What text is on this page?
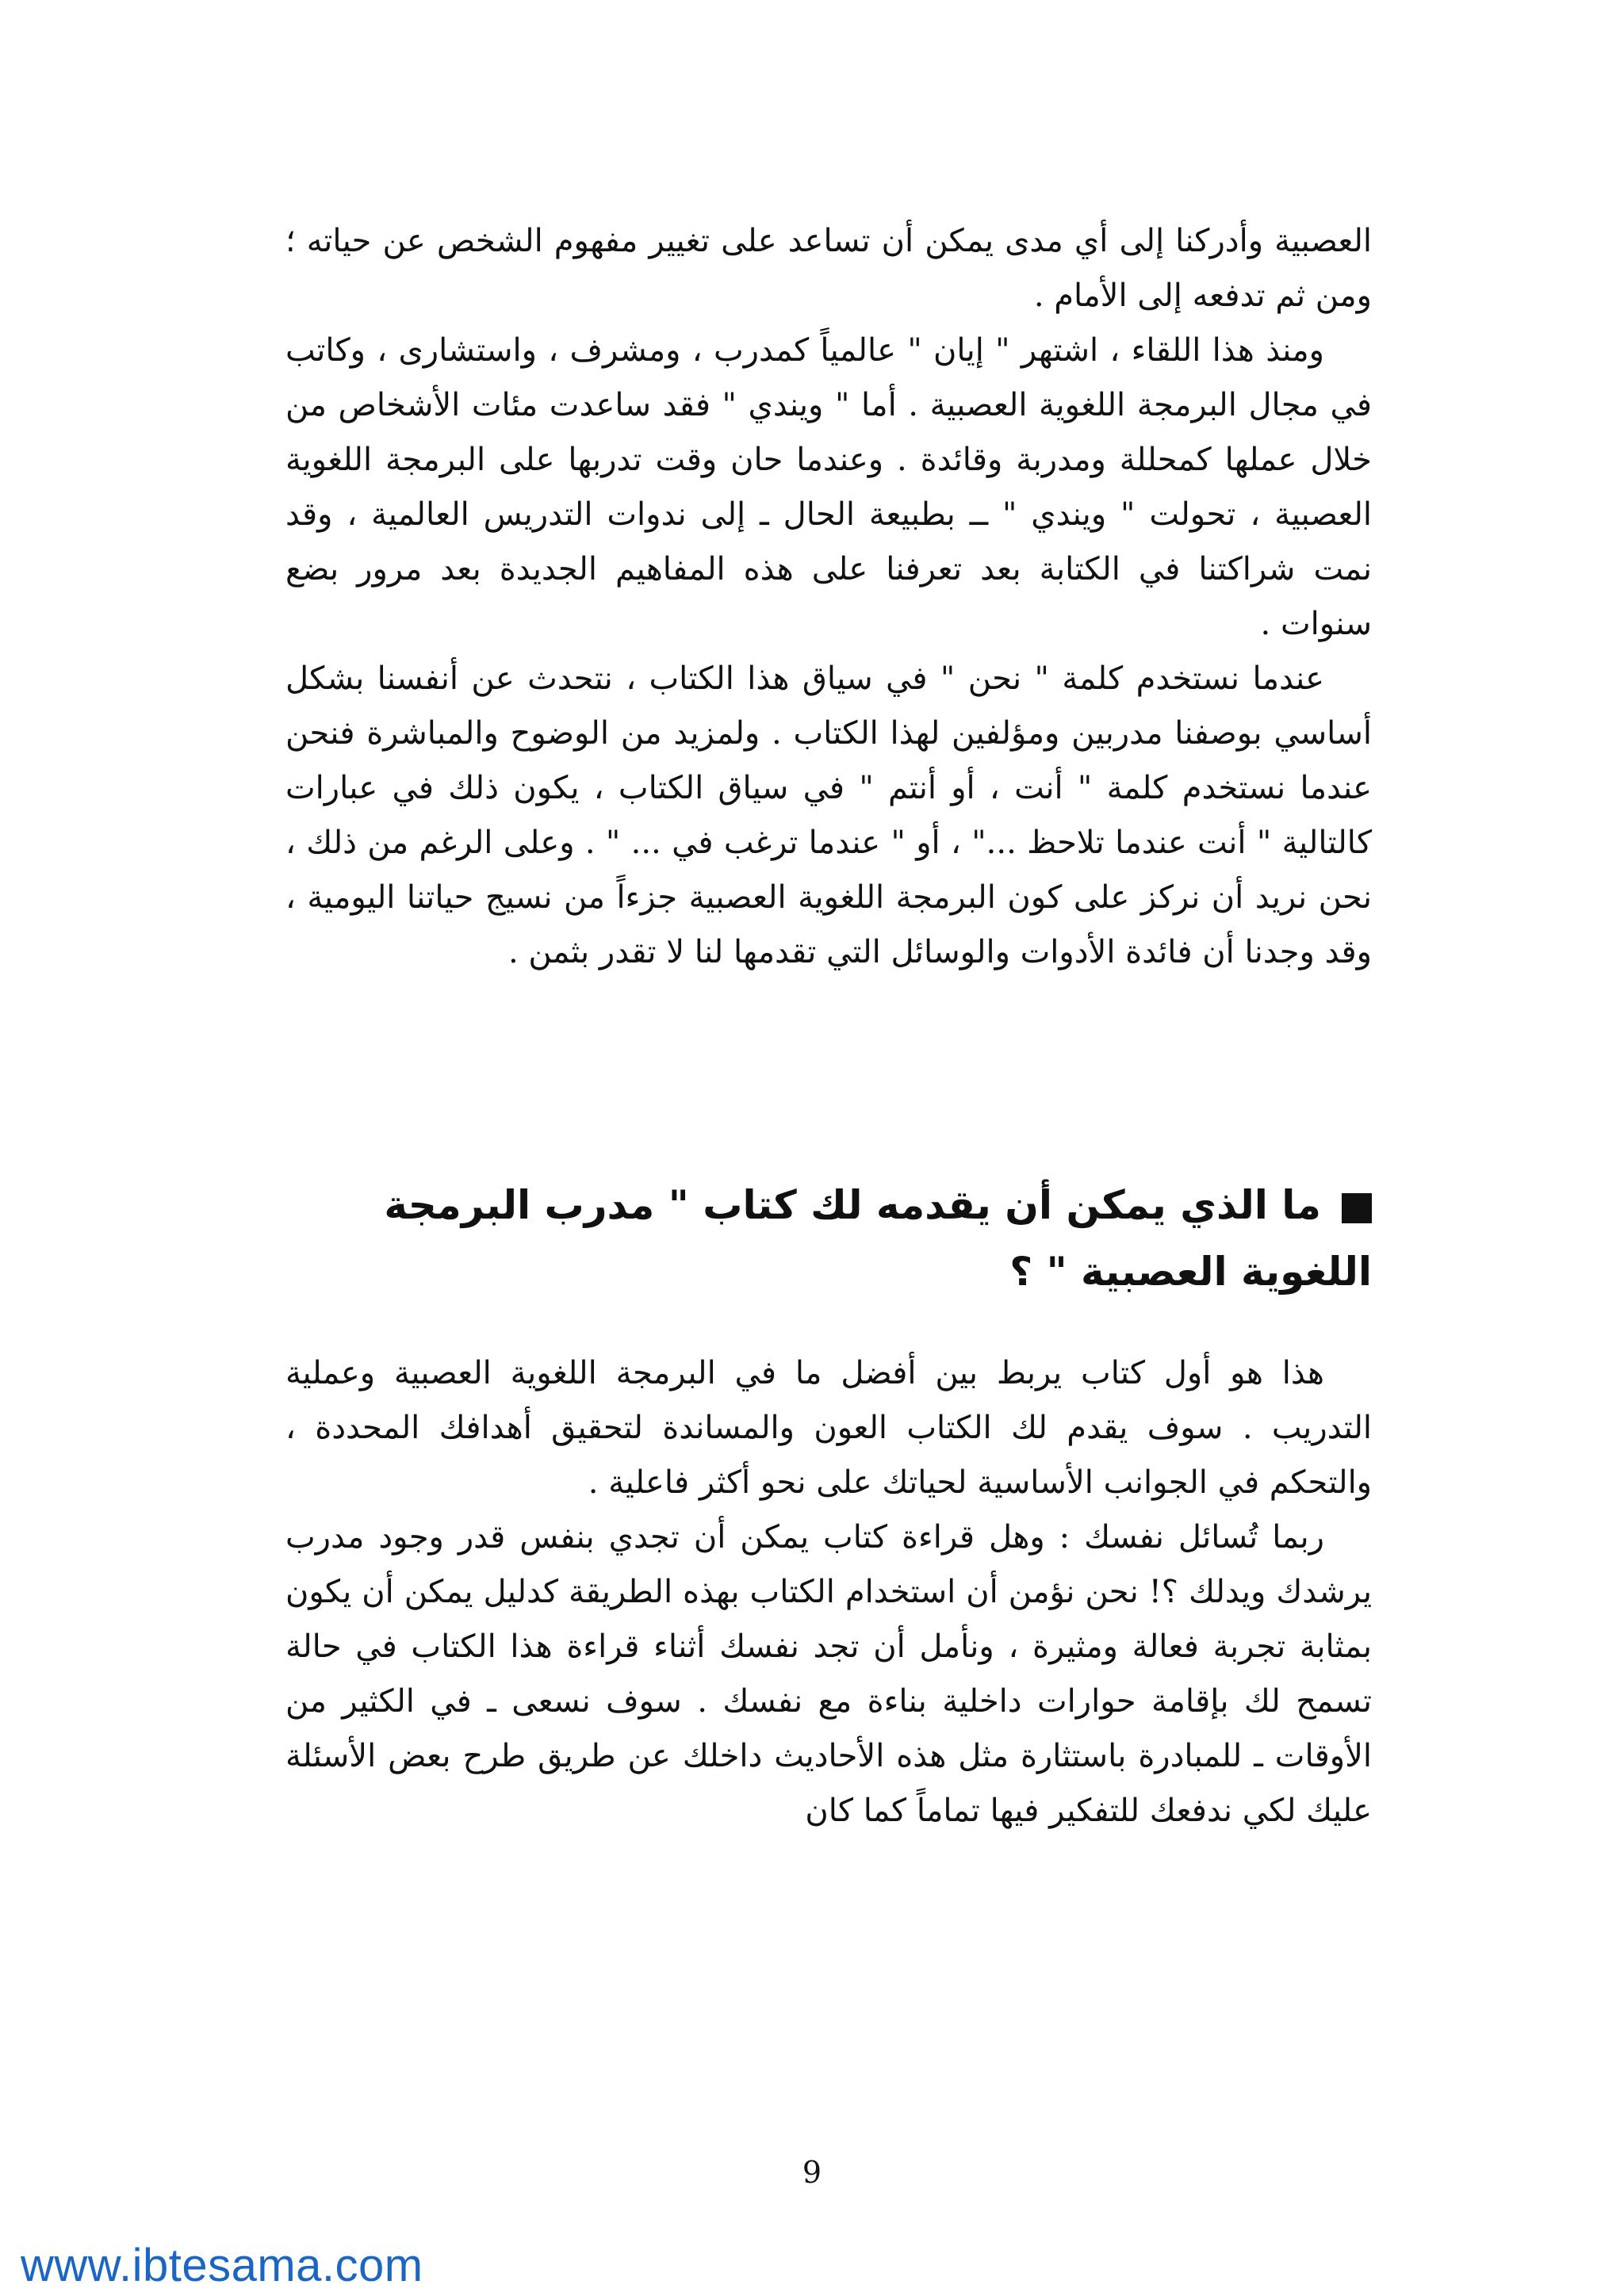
العصبية وأدركنا إلى أي مدى يمكن أن تساعد على تغيير مفهوم الشخص عن حياته ؛ ومن ثم تدفعه إلى الأمام .

ومنذ هذا اللقاء ، اشتهر " إيان " عالمياً كمدرب ، ومشرف ، واستشارى ، وكاتب في مجال البرمجة اللغوية العصبية . أما " ويندي " فقد ساعدت مئات الأشخاص من خلال عملها كمحللة ومدربة وقائدة . وعندما حان وقت تدربها على البرمجة اللغوية العصبية ، تحولت " ويندي " ــ بطبيعة الحال ـ إلى ندوات التدريس العالمية ، وقد نمت شراكتنا في الكتابة بعد تعرفنا على هذه المفاهيم الجديدة بعد مرور بضع سنوات .

عندما نستخدم كلمة " نحن " في سياق هذا الكتاب ، نتحدث عن أنفسنا بشكل أساسي بوصفنا مدربين ومؤلفين لهذا الكتاب . ولمزيد من الوضوح والمباشرة فنحن عندما نستخدم كلمة " أنت ، أو أنتم " في سياق الكتاب ، يكون ذلك في عبارات كالتالية " أنت عندما تلاحظ ..." ، أو " عندما ترغب في ... " . وعلى الرغم من ذلك ، نحن نريد أن نركز على كون البرمجة اللغوية العصبية جزءاً من نسيج حياتنا اليومية ، وقد وجدنا أن فائدة الأدوات والوسائل التي تقدمها لنا لا تقدر بثمن .

ما الذي يمكن أن يقدمه لك كتاب " مدرب البرمجة اللغوية العصبية " ؟

هذا هو أول كتاب يربط بين أفضل ما في البرمجة اللغوية العصبية وعملية التدريب . سوف يقدم لك الكتاب العون والمساندة لتحقيق أهدافك المحددة ، والتحكم في الجوانب الأساسية لحياتك على نحو أكثر فاعلية .

ربما تُسائل نفسك : وهل قراءة كتاب يمكن أن تجدي بنفس قدر وجود مدرب يرشدك ويدلك ؟! نحن نؤمن أن استخدام الكتاب بهذه الطريقة كدليل يمكن أن يكون بمثابة تجربة فعالة ومثيرة ، ونأمل أن تجد نفسك أثناء قراءة هذا الكتاب في حالة تسمح لك بإقامة حوارات داخلية بناءة مع نفسك . سوف نسعى ـ في الكثير من الأوقات ـ للمبادرة باستثارة مثل هذه الأحاديث داخلك عن طريق طرح بعض الأسئلة عليك لكي ندفعك للتفكير فيها تماماً كما كان

9
www.ibtesama.com
